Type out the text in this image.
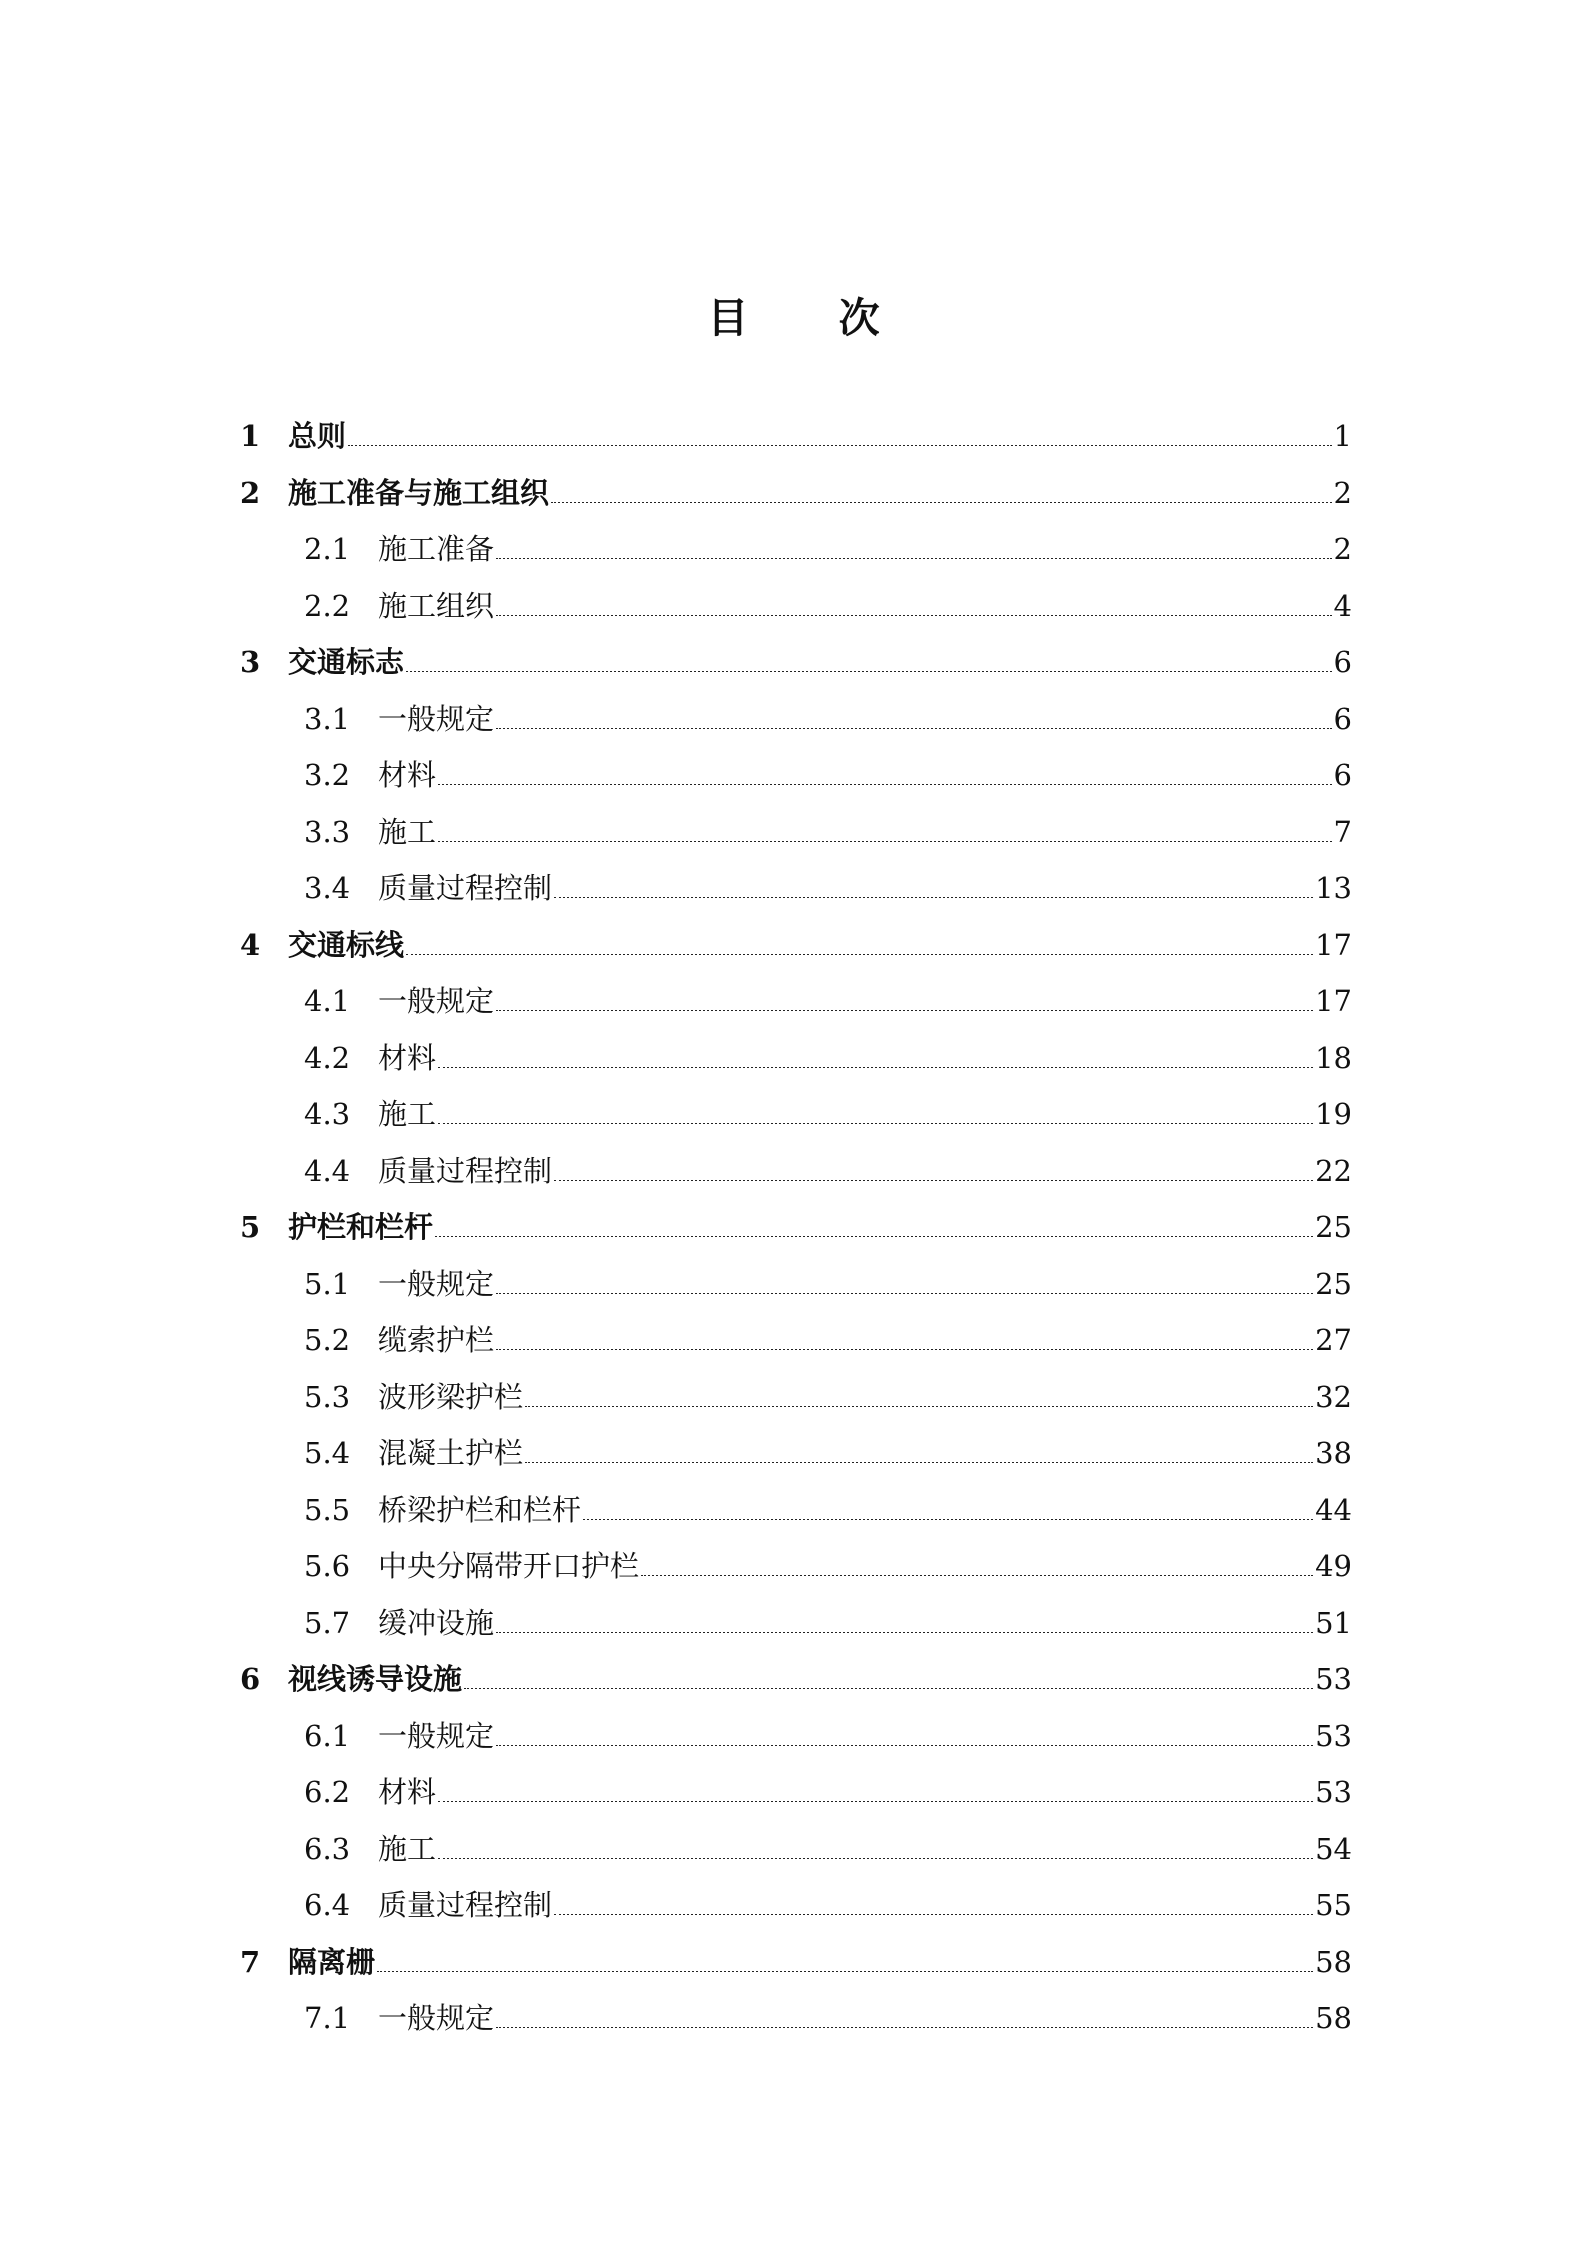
目 次
1 总则	1
2 施工准备与施工组织	2
2.1 施工准备	2
2.2 施工组织	4
3 交通标志	6
3.1 一般规定	6
3.2 材料	6
3.3 施工	7
3.4 质量过程控制	13
4 交通标线	17
4.1 一般规定	17
4.2 材料	18
4.3 施工	19
4.4 质量过程控制	22
5 护栏和栏杆	25
5.1 一般规定	25
5.2 缆索护栏	27
5.3 波形梁护栏	32
5.4 混凝土护栏	38
5.5 桥梁护栏和栏杆	44
5.6 中央分隔带开口护栏	49
5.7 缓冲设施	51
6 视线诱导设施	53
6.1 一般规定	53
6.2 材料	53
6.3 施工	54
6.4 质量过程控制	55
7 隔离栅	58
7.1 一般规定	58
